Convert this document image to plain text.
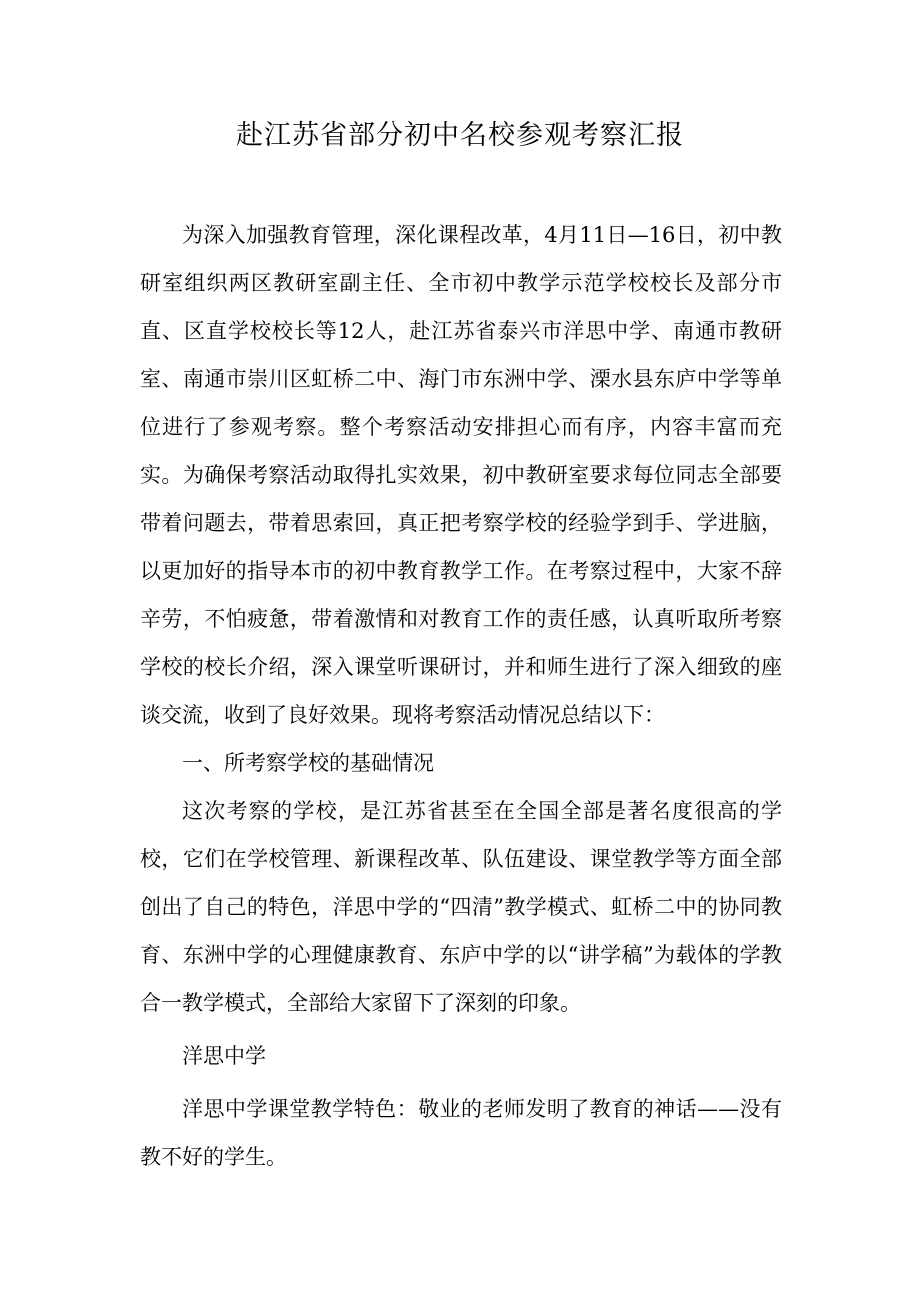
赴江苏省部分初中名校参观考察汇报

为深入加强教育管理，深化课程改革，4月11日—16日，初中教研室组织两区教研室副主任、全市初中教学示范学校校长及部分市直、区直学校校长等12人，赴江苏省泰兴市洋思中学、南通市教研室、南通市崇川区虹桥二中、海门市东洲中学、溧水县东庐中学等单位进行了参观考察。整个考察活动安排担心而有序，内容丰富而充实。为确保考察活动取得扎实效果，初中教研室要求每位同志全部要带着问题去，带着思索回，真正把考察学校的经验学到手、学进脑，以更加好的指导本市的初中教育教学工作。在考察过程中，大家不辞辛劳，不怕疲惫，带着激情和对教育工作的责任感，认真听取所考察学校的校长介绍，深入课堂听课研讨，并和师生进行了深入细致的座谈交流，收到了良好效果。现将考察活动情况总结以下：

一、所考察学校的基础情况

这次考察的学校，是江苏省甚至在全国全部是著名度很高的学校，它们在学校管理、新课程改革、队伍建设、课堂教学等方面全部创出了自己的特色，洋思中学的“四清”教学模式、虹桥二中的协同教育、东洲中学的心理健康教育、东庐中学的以“讲学稿”为载体的学教合一教学模式，全部给大家留下了深刻的印象。

洋思中学

洋思中学课堂教学特色：敬业的老师发明了教育的神话——没有教不好的学生。
